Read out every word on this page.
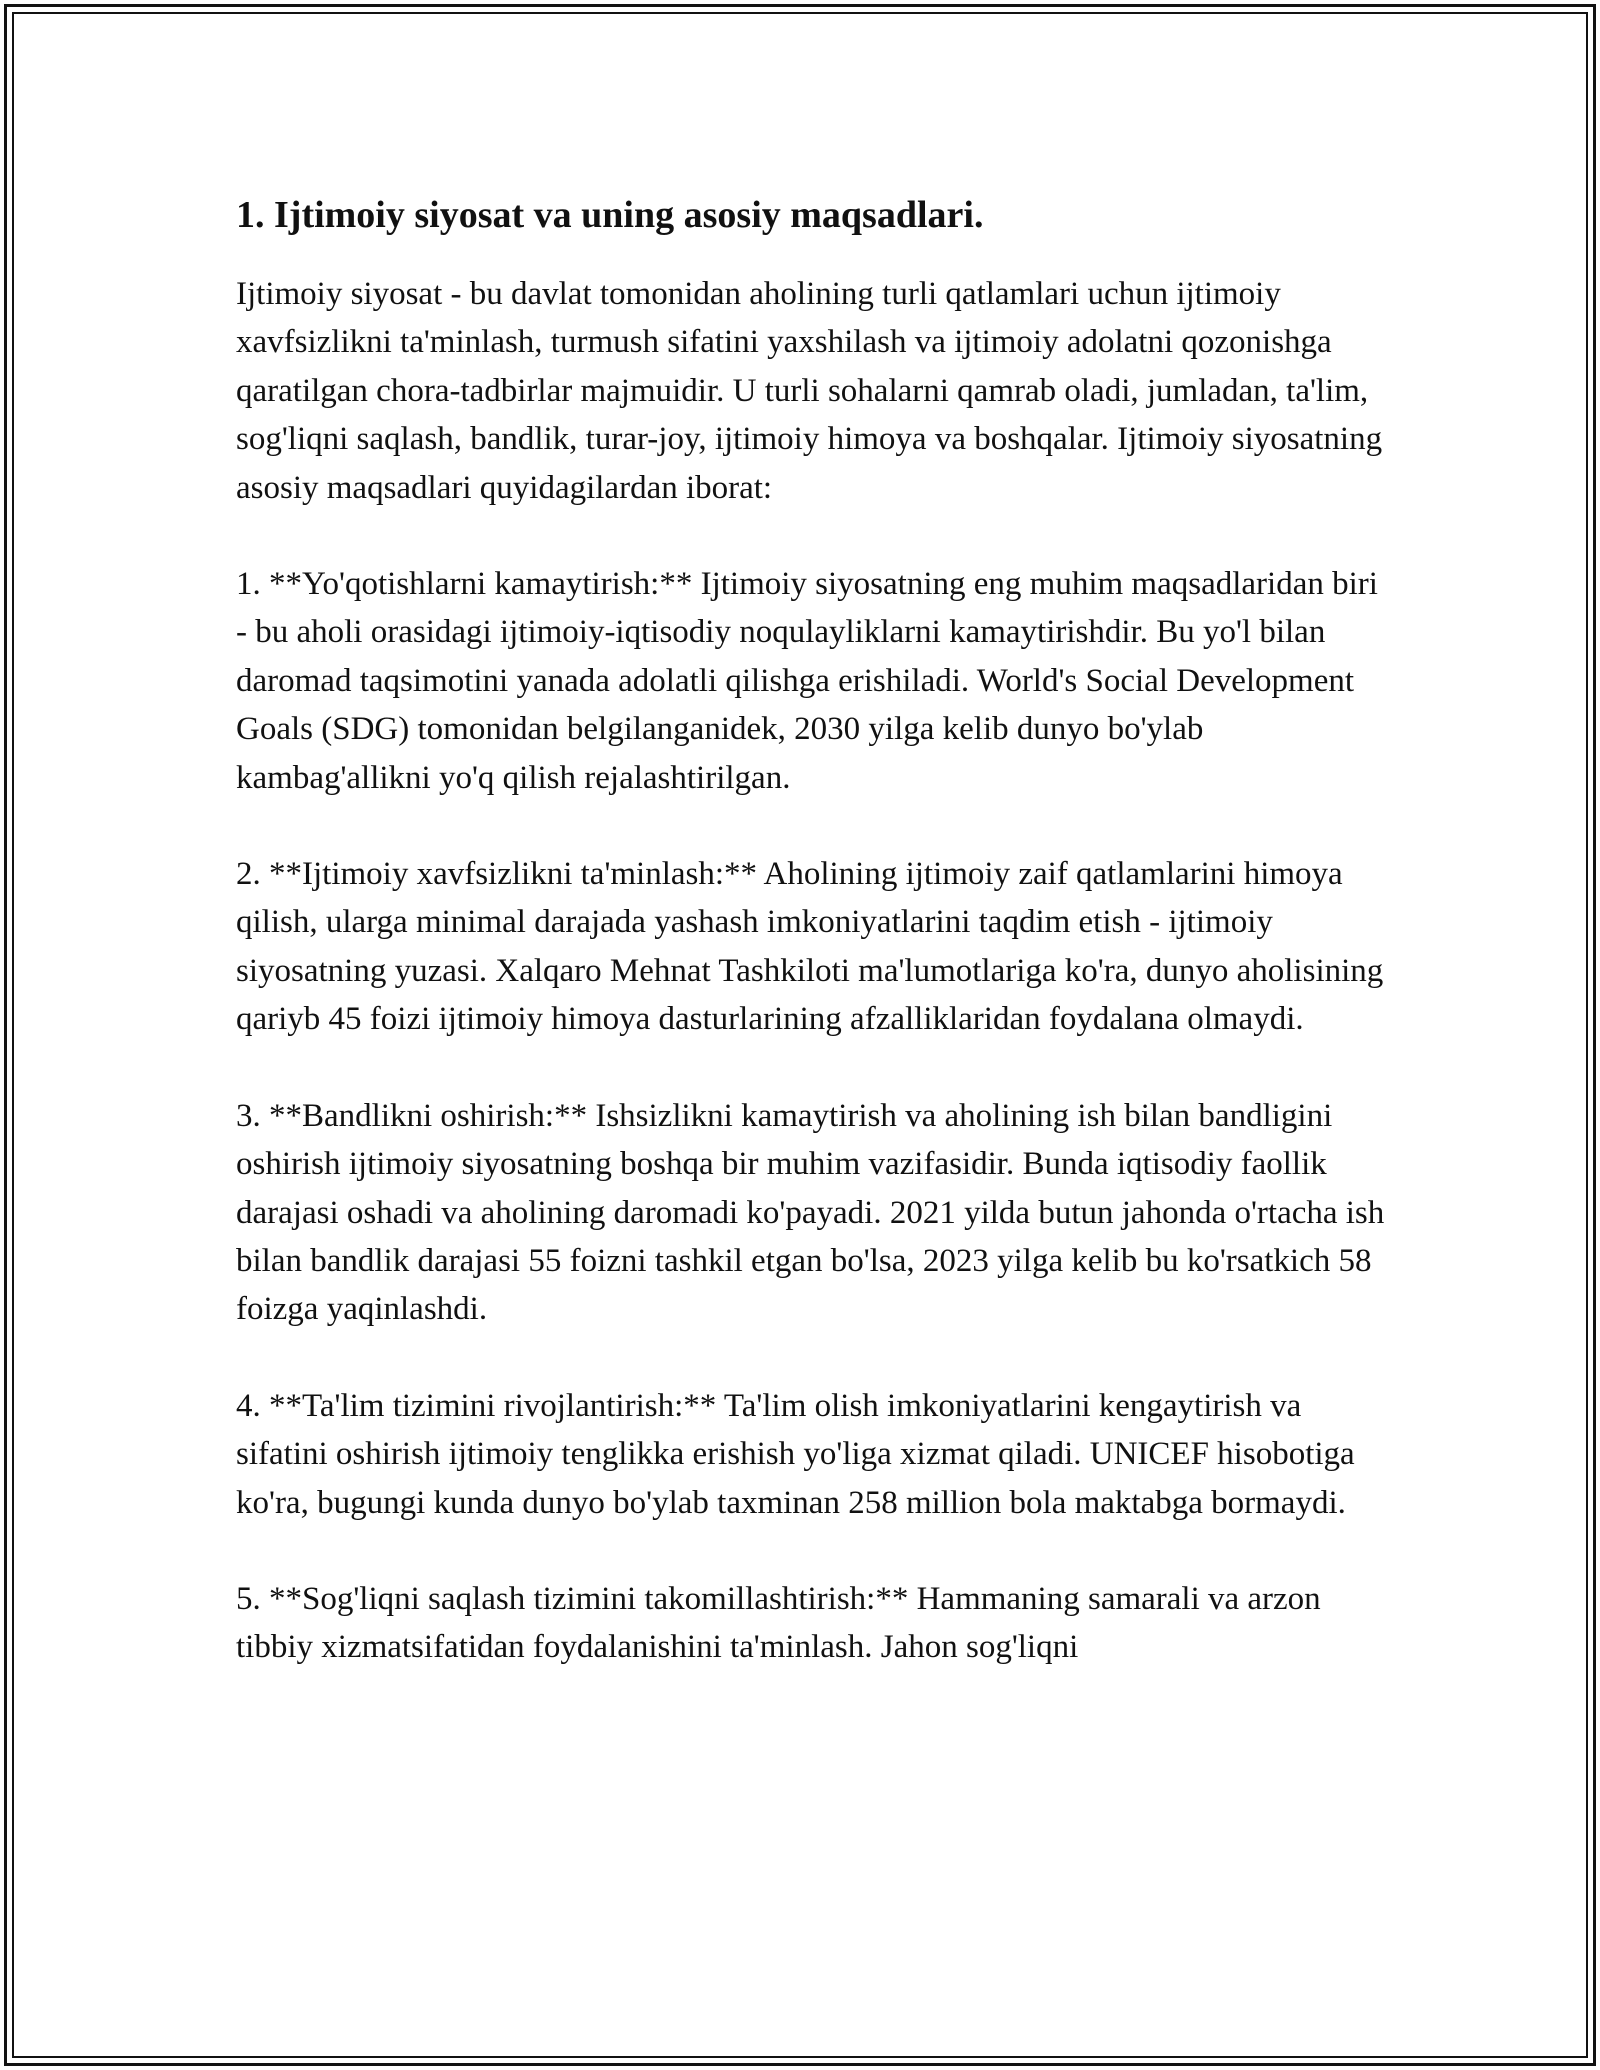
1. Ijtimoiy siyosat va uning asosiy maqsadlari.

Ijtimoiy siyosat - bu davlat tomonidan aholining turli qatlamlari uchun ijtimoiy xavfsizlikni ta'minlash, turmush sifatini yaxshilash va ijtimoiy adolatni qozonishga qaratilgan chora-tadbirlar majmuidir. U turli sohalarni qamrab oladi, jumladan, ta'lim, sog'liqni saqlash, bandlik, turar-joy, ijtimoiy himoya va boshqalar. Ijtimoiy siyosatning asosiy maqsadlari quyidagilardan iborat:

1. **Yo'qotishlarni kamaytirish:** Ijtimoiy siyosatning eng muhim maqsadlaridan biri - bu aholi orasidagi ijtimoiy-iqtisodiy noqulayliklarni kamaytirishdir. Bu yo'l bilan daromad taqsimotini yanada adolatli qilishga erishiladi. World's Social Development Goals (SDG) tomonidan belgilanganidek, 2030 yilga kelib dunyo bo'ylab kambag'allikni yo'q qilish rejalashtirilgan.

2. **Ijtimoiy xavfsizlikni ta'minlash:** Aholining ijtimoiy zaif qatlamlarini himoya qilish, ularga minimal darajada yashash imkoniyatlarini taqdim etish - ijtimoiy siyosatning yuzasi. Xalqaro Mehnat Tashkiloti ma'lumotlariga ko'ra, dunyo aholisining qariyb 45 foizi ijtimoiy himoya dasturlarining afzalliklaridan foydalana olmaydi.

3. **Bandlikni oshirish:** Ishsizlikni kamaytirish va aholining ish bilan bandligini oshirish ijtimoiy siyosatning boshqa bir muhim vazifasidir. Bunda iqtisodiy faollik darajasi oshadi va aholining daromadi ko'payadi. 2021 yilda butun jahonda o'rtacha ish bilan bandlik darajasi 55 foizni tashkil etgan bo'lsa, 2023 yilga kelib bu ko'rsatkich 58 foizga yaqinlashdi.

4. **Ta'lim tizimini rivojlantirish:** Ta'lim olish imkoniyatlarini kengaytirish va sifatini oshirish ijtimoiy tenglikka erishish yo'liga xizmat qiladi. UNICEF hisobotiga ko'ra, bugungi kunda dunyo bo'ylab taxminan 258 million bola maktabga bormaydi.

5. **Sog'liqni saqlash tizimini takomillashtirish:** Hammaning samarali va arzon tibbiy xizmatsifatidan foydalanishini ta'minlash. Jahon sog'liqni
